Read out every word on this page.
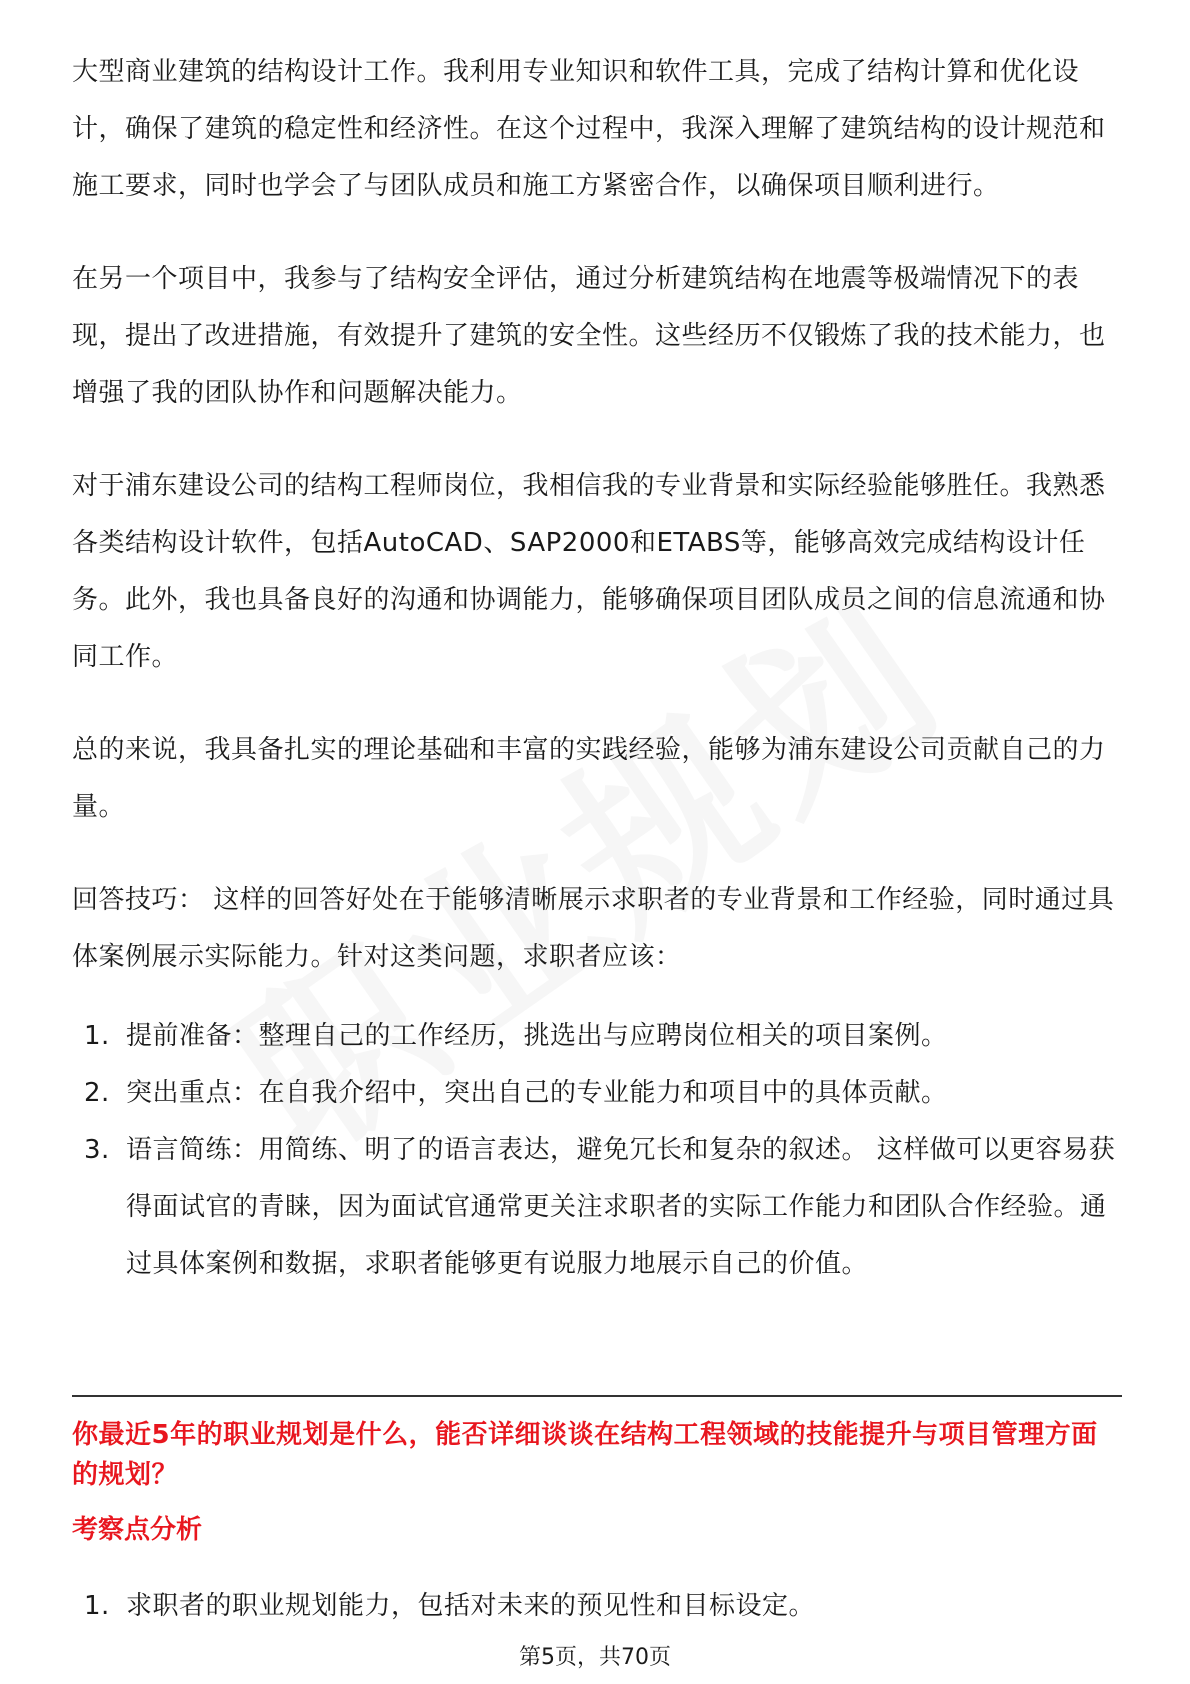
大型商业建筑的结构设计工作。我利用专业知识和软件工具，完成了结构计算和优化设计，确保了建筑的稳定性和经济性。在这个过程中，我深入理解了建筑结构的设计规范和施工要求，同时也学会了与团队成员和施工方紧密合作，以确保项目顺利进行。

在另一个项目中，我参与了结构安全评估，通过分析建筑结构在地震等极端情况下的表现，提出了改进措施，有效提升了建筑的安全性。这些经历不仅锻炼了我的技术能力，也增强了我的团队协作和问题解决能力。

对于浦东建设公司的结构工程师岗位，我相信我的专业背景和实际经验能够胜任。我熟悉各类结构设计软件，包括AutoCAD、SAP2000和ETABS等，能够高效完成结构设计任务。此外，我也具备良好的沟通和协调能力，能够确保项目团队成员之间的信息流通和协同工作。

总的来说，我具备扎实的理论基础和丰富的实践经验，能够为浦东建设公司贡献自己的力量。

回答技巧： 这样的回答好处在于能够清晰展示求职者的专业背景和工作经验，同时通过具体案例展示实际能力。针对这类问题，求职者应该：

1. 提前准备：整理自己的工作经历，挑选出与应聘岗位相关的项目案例。
2. 突出重点：在自我介绍中，突出自己的专业能力和项目中的具体贡献。
3. 语言简练：用简练、明了的语言表达，避免冗长和复杂的叙述。 这样做可以更容易获得面试官的青睐，因为面试官通常更关注求职者的实际工作能力和团队合作经验。通过具体案例和数据，求职者能够更有说服力地展示自己的价值。
你最近5年的职业规划是什么，能否详细谈谈在结构工程领域的技能提升与项目管理方面的规划？
考察点分析
1. 求职者的职业规划能力，包括对未来的预见性和目标设定。
第5页，共70页
